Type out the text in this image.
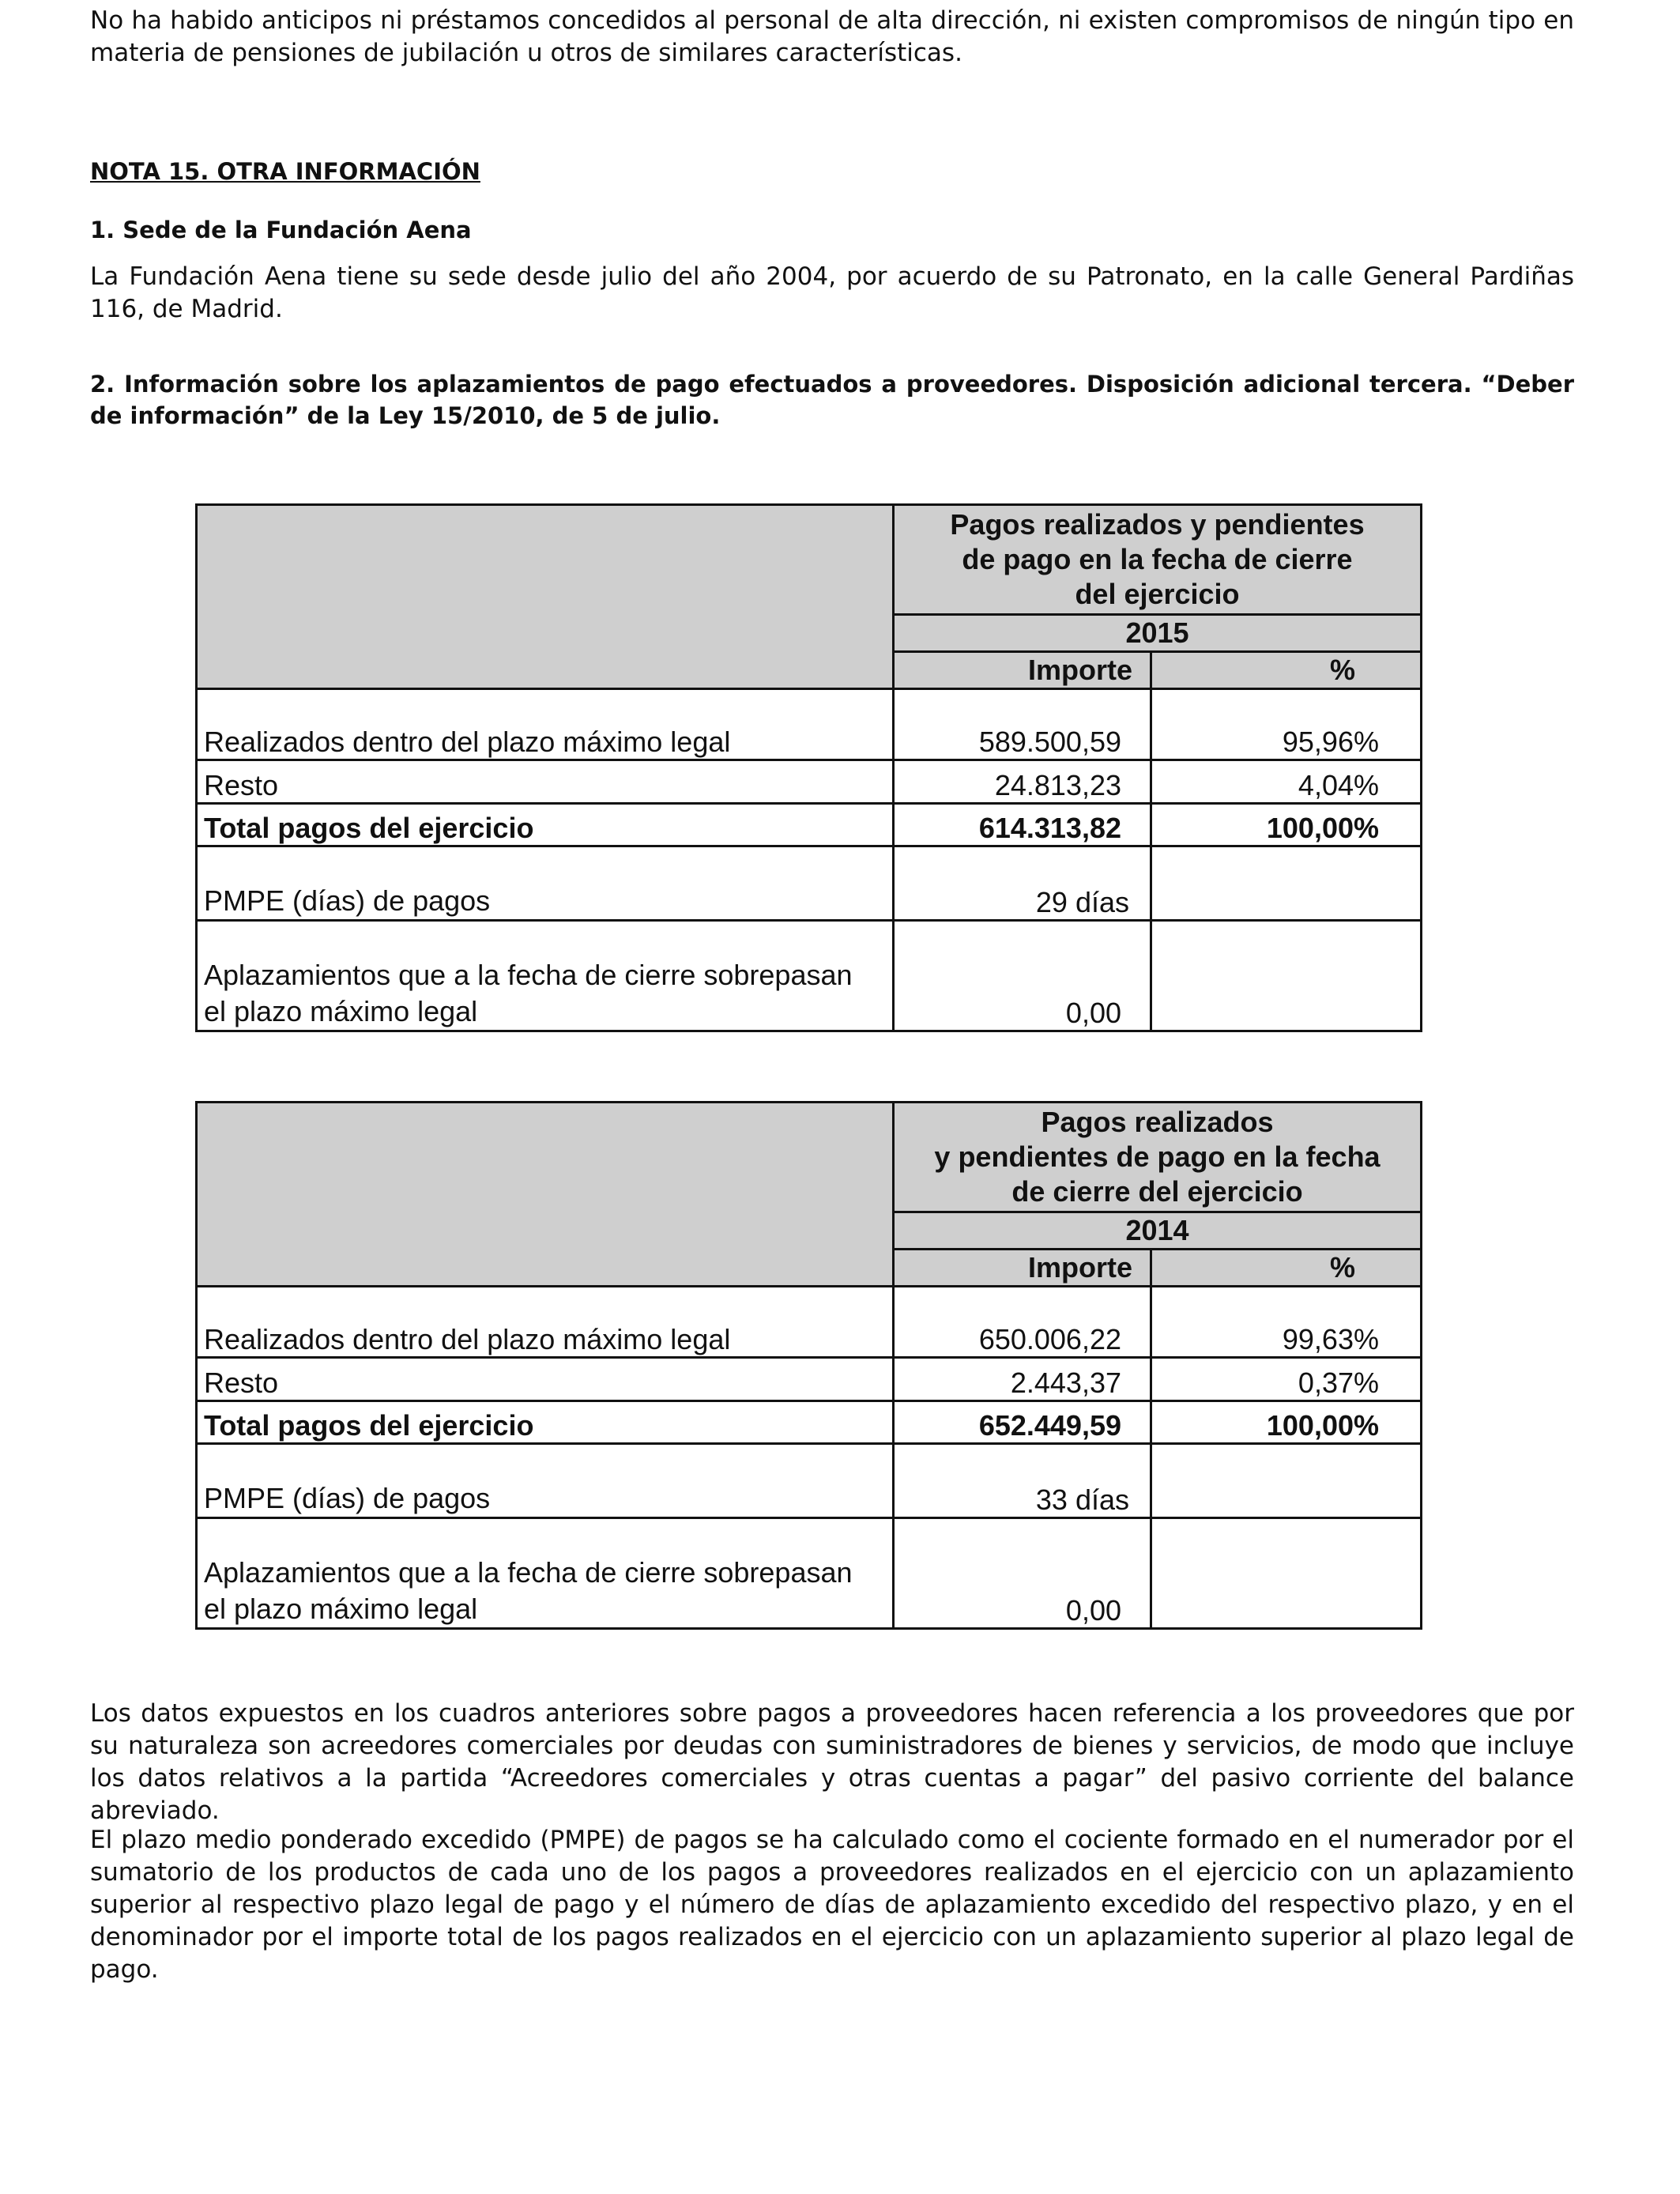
No ha habido anticipos ni préstamos concedidos al personal de alta dirección, ni existen compromisos de ningún tipo en materia de pensiones de jubilación u otros de similares características.
NOTA 15. OTRA INFORMACIÓN
1. Sede de la Fundación Aena
La Fundación Aena tiene su sede desde julio del año 2004, por acuerdo de su Patronato, en la calle General Pardiñas 116, de Madrid.
2. Información sobre los aplazamientos de pago efectuados a proveedores. Disposición adicional tercera. “Deber de información” de la Ley 15/2010, de 5 de julio.

	Pagos realizados y pendientes
de pago en la fecha de cierre
del ejercicio	

	2015	
	Importe	%
Realizados dentro del plazo máximo legal	589.500,59	95,96%
Resto	24.813,23	4,04%
Total pagos del ejercicio	614.313,82	100,00%
PMPE (días) de pagos	29 días	

Aplazamientos que a la fecha de cierre sobrepasan
el plazo máximo legal	0,00	

	Pagos realizados
y pendientes de pago en la fecha
de cierre del ejercicio	

	2014	
	Importe	%
Realizados dentro del plazo máximo legal	650.006,22	99,63%
Resto	2.443,37	0,37%
Total pagos del ejercicio	652.449,59	100,00%
PMPE (días) de pagos	33 días	

Aplazamientos que a la fecha de cierre sobrepasan
el plazo máximo legal	0,00	
Los datos expuestos en los cuadros anteriores sobre pagos a proveedores hacen referencia a los proveedores que por su naturaleza son acreedores comerciales por deudas con suministradores de bienes y servicios, de modo que incluye los datos relativos a la partida “Acreedores comerciales y otras cuentas a pagar” del pasivo corriente del balance abreviado.
El plazo medio ponderado excedido (PMPE) de pagos se ha calculado como el cociente formado en el numerador por el sumatorio de los productos de cada uno de los pagos a proveedores realizados en el ejercicio con un aplazamiento superior al respectivo plazo legal de pago y el número de días de aplazamiento excedido del respectivo plazo, y en el denominador por el importe total de los pagos realizados en el ejercicio con un aplazamiento superior al plazo legal de pago.
